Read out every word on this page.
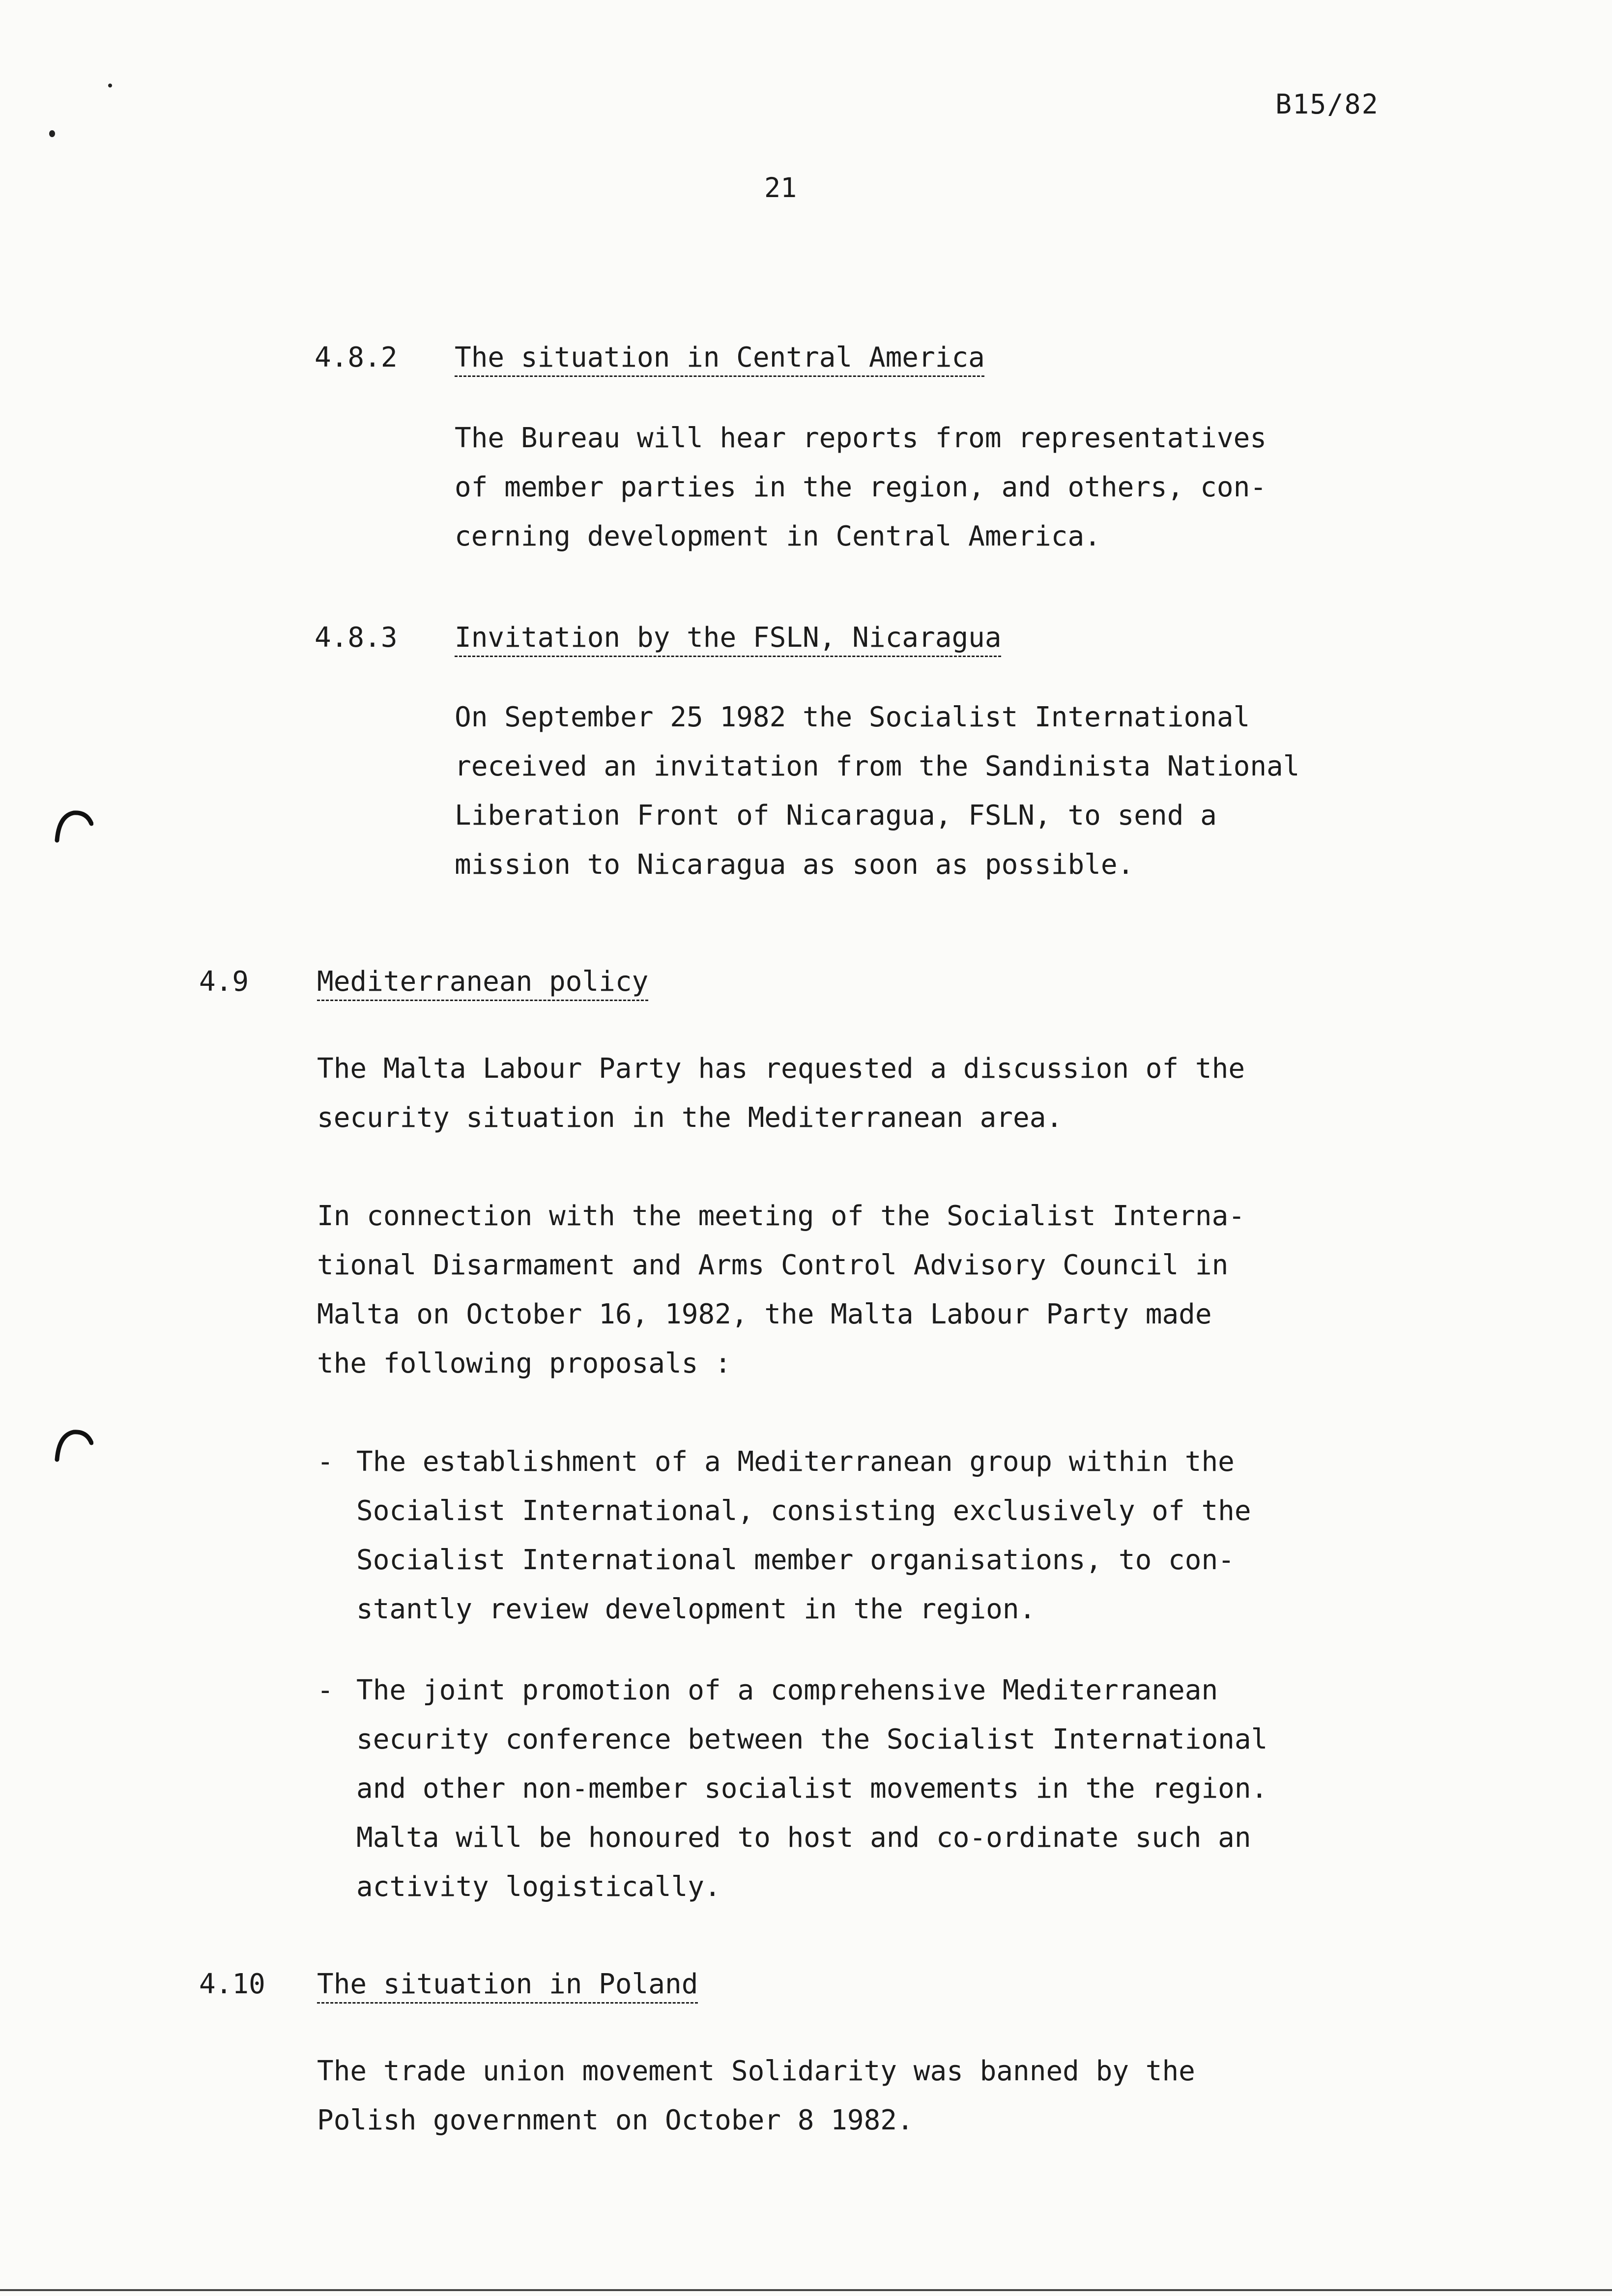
B15/82
21
4.8.2 The situation in Central America
The Bureau will hear reports from representatives
of member parties in the region, and others, con-
cerning development in Central America.
4.8.3 Invitation by the FSLN, Nicaragua
On September 25 1982 the Socialist International
received an invitation from the Sandinista National
Liberation Front of Nicaragua, FSLN, to send a
mission to Nicaragua as soon as possible.
4.9 Mediterranean policy
The Malta Labour Party has requested a discussion of the
security situation in the Mediterranean area.
In connection with the meeting of the Socialist Interna-
tional Disarmament and Arms Control Advisory Council in
Malta on October 16, 1982, the Malta Labour Party made
the following proposals :
- The establishment of a Mediterranean group within the
Socialist International, consisting exclusively of the
Socialist International member organisations, to con-
stantly review development in the region.
- The joint promotion of a comprehensive Mediterranean
security conference between the Socialist International
and other non-member socialist movements in the region.
Malta will be honoured to host and co-ordinate such an
activity logistically.
4.10 The situation in Poland
The trade union movement Solidarity was banned by the
Polish government on October 8 1982.
